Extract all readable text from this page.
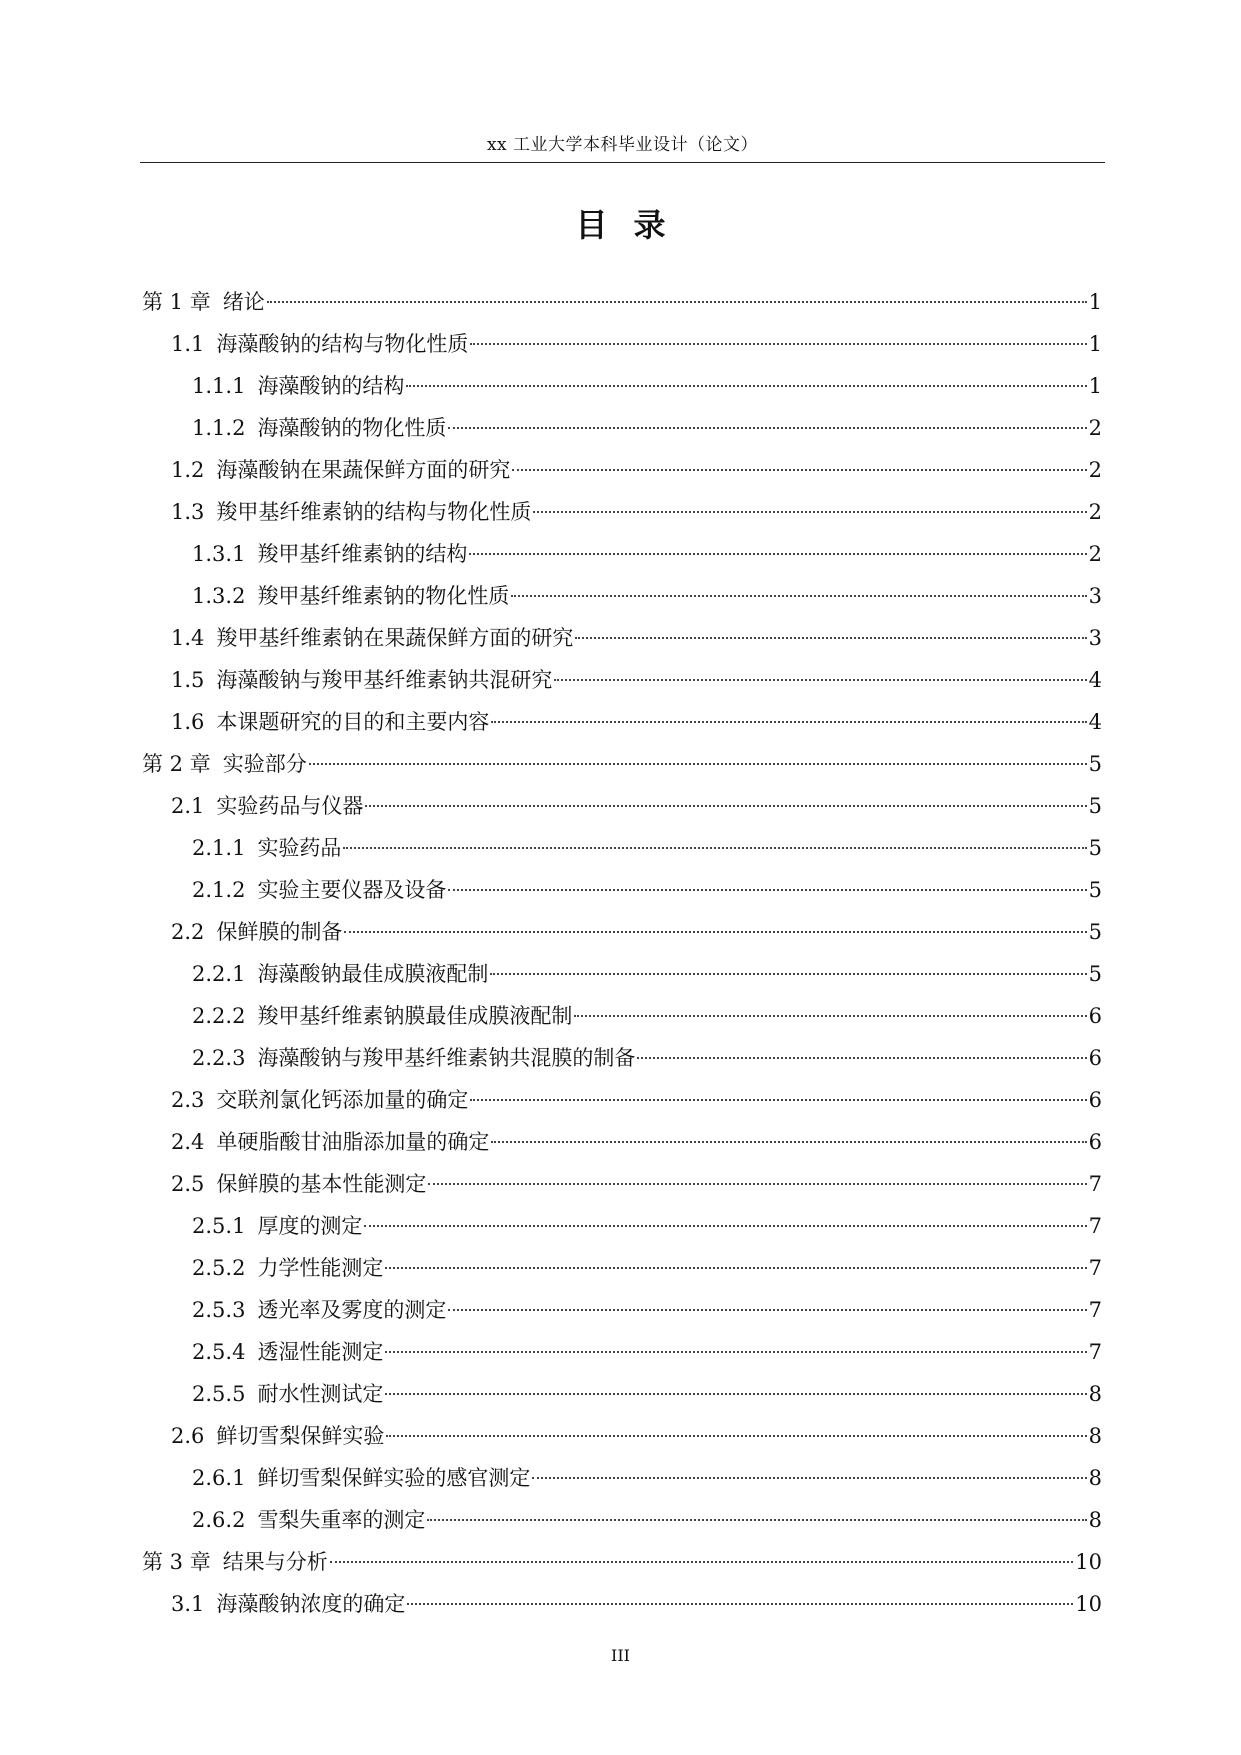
xx 工业大学本科毕业设计（论文）
目录
第 1 章 绪论	1
1.1 海藻酸钠的结构与物化性质	1
1.1.1 海藻酸钠的结构	1
1.1.2 海藻酸钠的物化性质	2
1.2 海藻酸钠在果蔬保鲜方面的研究	2
1.3 羧甲基纤维素钠的结构与物化性质	2
1.3.1 羧甲基纤维素钠的结构	2
1.3.2 羧甲基纤维素钠的物化性质	3
1.4 羧甲基纤维素钠在果蔬保鲜方面的研究	3
1.5 海藻酸钠与羧甲基纤维素钠共混研究	4
1.6 本课题研究的目的和主要内容	4
第 2 章 实验部分	5
2.1 实验药品与仪器	5
2.1.1 实验药品	5
2.1.2 实验主要仪器及设备	5
2.2 保鲜膜的制备	5
2.2.1 海藻酸钠最佳成膜液配制	5
2.2.2 羧甲基纤维素钠膜最佳成膜液配制	6
2.2.3 海藻酸钠与羧甲基纤维素钠共混膜的制备	6
2.3 交联剂氯化钙添加量的确定	6
2.4 单硬脂酸甘油脂添加量的确定	6
2.5 保鲜膜的基本性能测定	7
2.5.1 厚度的测定	7
2.5.2 力学性能测定	7
2.5.3 透光率及雾度的测定	7
2.5.4 透湿性能测定	7
2.5.5 耐水性测试定	8
2.6 鲜切雪梨保鲜实验	8
2.6.1 鲜切雪梨保鲜实验的感官测定	8
2.6.2 雪梨失重率的测定	8
第 3 章 结果与分析	10
3.1 海藻酸钠浓度的确定	10
III
